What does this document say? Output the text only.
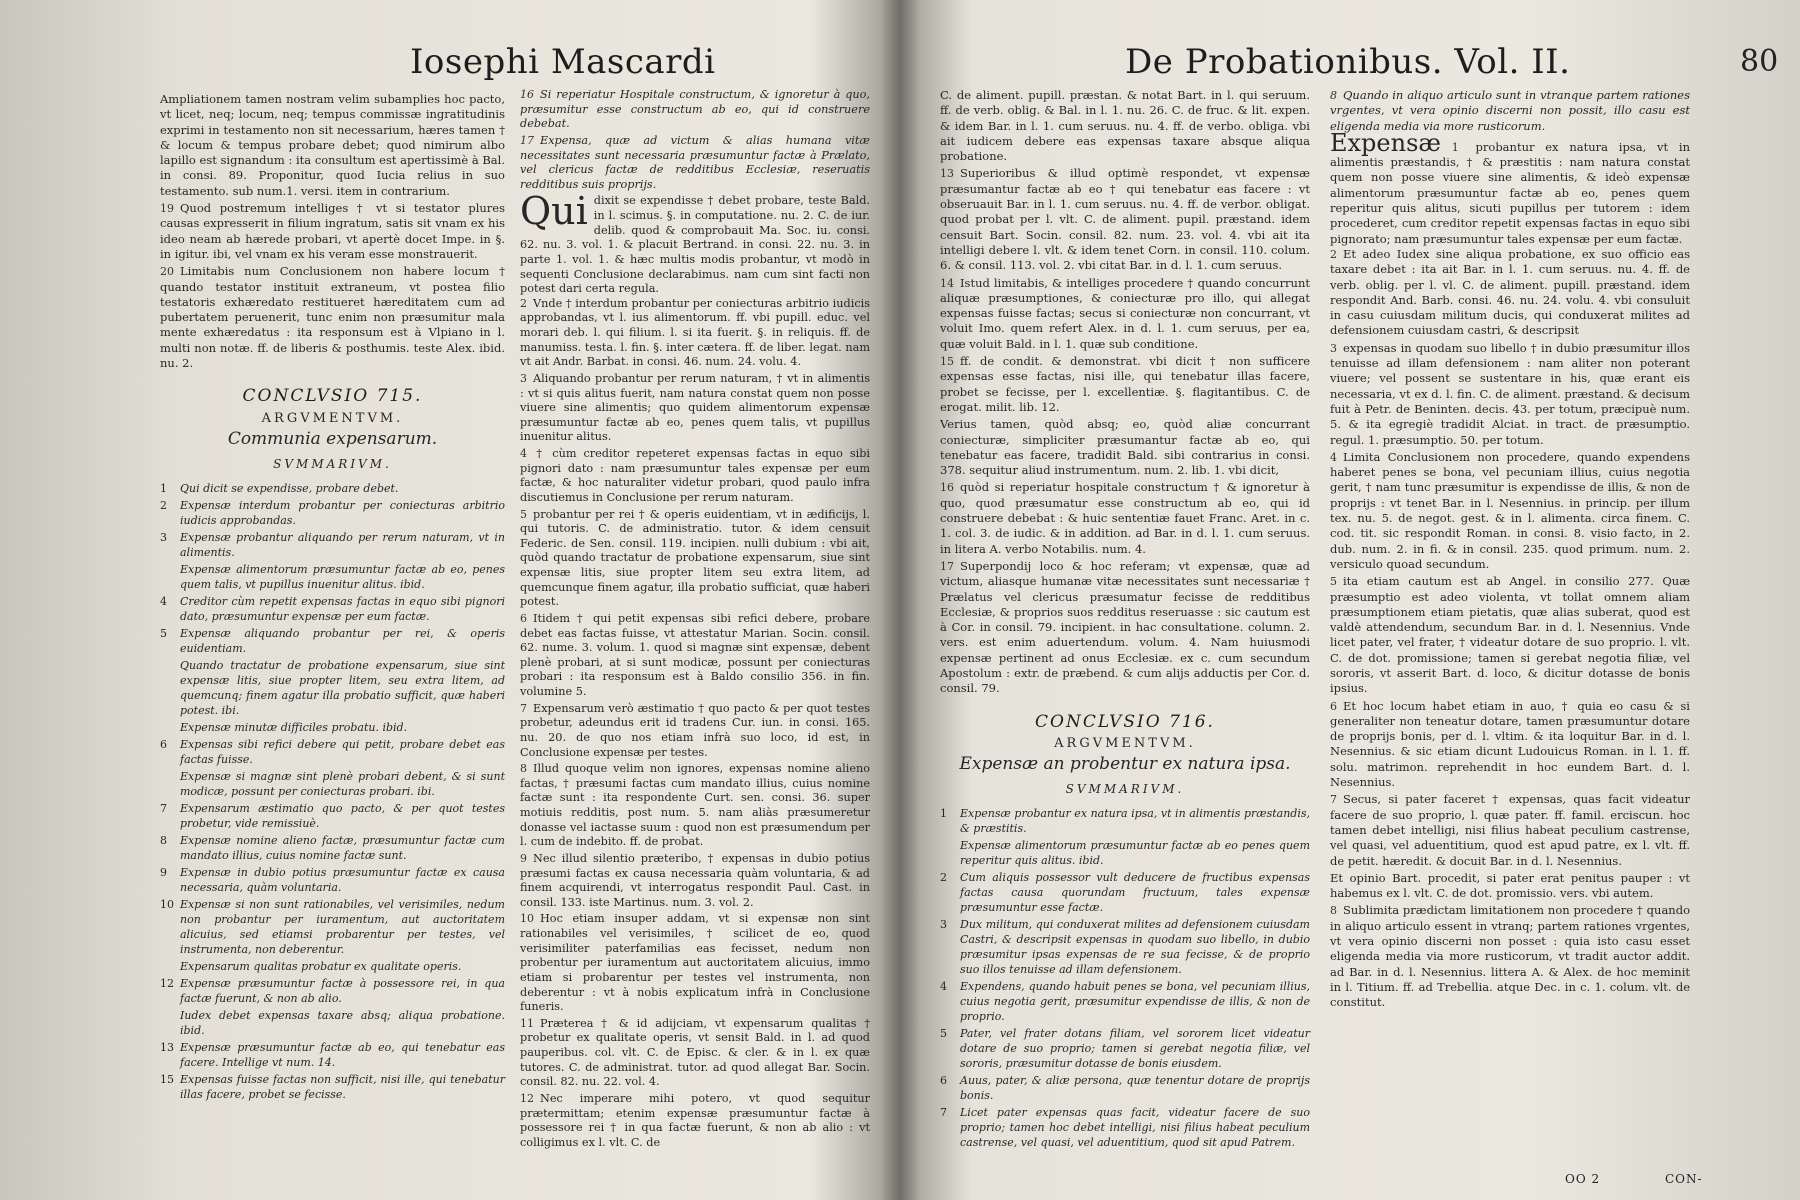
Iosephi Mascardi

Ampliationem tamen nostram velim subamplies hoc pacto, vt licet, neq; locum, neq; tempus commissæ ingratitudinis exprimi in testamento non sit necessarium, hæres tamen † & locum & tempus probare debet; quod nimirum albo lapillo est signandum : ita consultum est apertissimè à Bal. in consi. 89. Proponitur, quod Iucia relius in suo testamento. sub num.1. versi. item in contrarium.

19 Quod postremum intelliges † vt si testator plures causas expresserit in filium ingratum, satis sit vnam ex his ideo neam ab hærede probari, vt apertè docet Impe. in §. in igitur. ibi, vel vnam ex his veram esse monstrauerit.

20 Limitabis num Conclusionem non habere locum † quando testator instituit extraneum, vt postea filio testatoris exhæredato restitueret hæreditatem cum ad pubertatem peruenerit, tunc enim non præsumitur mala mente exhæredatus : ita responsum est à Vlpiano in l. multi non notæ. ff. de liberis & posthumis. teste Alex. ibid. nu. 2.

CONCLVSIO 715.
ARGVMENTVM.
Communia expensarum.
SVMMARIVM.

1 Qui dicit se expendisse, probare debet.

2 Expensæ interdum probantur per coniecturas arbitrio iudicis approbandas.

3 Expensæ probantur aliquando per rerum naturam, vt in alimentis.

Expensæ alimentorum præsumuntur factæ ab eo, penes quem talis, vt pupillus inuenitur alitus. ibid.

4 Creditor cùm repetit expensas factas in equo sibi pignori dato, præsumuntur expensæ per eum factæ.

5 Expensæ aliquando probantur per rei, & operis euidentiam.

Quando tractatur de probatione expensarum, siue sint expensæ litis, siue propter litem, seu extra litem, ad quemcunq; finem agatur illa probatio sufficit, quæ haberi potest. ibi.

Expensæ minutæ difficiles probatu. ibid.

6 Expensas sibi refici debere qui petit, probare debet eas factas fuisse.

Expensæ si magnæ sint plenè probari debent, & si sunt modicæ, possunt per coniecturas probari. ibi.

7 Expensarum æstimatio quo pacto, & per quot testes probetur, vide remissiuè.

8 Expensæ nomine alieno factæ, præsumuntur factæ cum mandato illius, cuius nomine factæ sunt.

9 Expensæ in dubio potius præsumuntur factæ ex causa necessaria, quàm voluntaria.

10 Expensæ si non sunt rationabiles, vel verisimiles, nedum non probantur per iuramentum, aut auctoritatem alicuius, sed etiamsi probarentur per testes, vel instrumenta, non deberentur.

Expensarum qualitas probatur ex qualitate operis.

12 Expensæ præsumuntur factæ à possessore rei, in qua factæ fuerunt, & non ab alio.

Iudex debet expensas taxare absq; aliqua probatione. ibid.

13 Expensæ præsumuntur factæ ab eo, qui tenebatur eas facere. Intellige vt num. 14.

15 Expensas fuisse factas non sufficit, nisi ille, qui tenebatur illas facere, probet se fecisse.

16 Si reperiatur Hospitale constructum, & ignoretur à quo, præsumitur esse constructum ab eo, qui id construere debebat.

17 Expensa, quæ ad victum & alias humana vitæ necessitates sunt necessaria præsumuntur factæ à Prælato, vel clericus factæ de redditibus Ecclesiæ, reseruatis redditibus suis proprijs.

Qui dixit se expendisse † debet probare, teste Bald. in l. scimus. §. in computatione. nu. 2. C. de iur. delib. quod & comprobauit Ma. Soc. iu. consi. 62. nu. 3. vol. 1. & placuit Bertrand. in consi. 22. nu. 3. in parte 1. vol. 1. & hæc multis modis probantur, vt modò in sequenti Conclusione declarabimus. nam cum sint facti non potest dari certa regula.

2 Vnde † interdum probantur per coniecturas arbitrio iudicis approbandas, vt l. ius alimentorum. ff. vbi pupill. educ. vel morari deb. l. qui filium. l. si ita fuerit. §. in reliquis. ff. de manumiss. testa. l. fin. §. inter cætera. ff. de liber. legat. nam vt ait Andr. Barbat. in consi. 46. num. 24. volu. 4.

3 Aliquando probantur per rerum naturam, † vt in alimentis : vt si quis alitus fuerit, nam natura constat quem non posse viuere sine alimentis; quo quidem alimentorum expensæ præsumuntur factæ ab eo, penes quem talis, vt pupillus inuenitur alitus.

4 † cùm creditor repeteret expensas factas in equo sibi pignori dato : nam præsumuntur tales expensæ per eum factæ, & hoc naturaliter videtur probari, quod paulo infra discutiemus in Conclusione per rerum naturam.

5 probantur per rei † & operis euidentiam, vt in ædificijs, l. qui tutoris. C. de administratio. tutor. & idem censuit Federic. de Sen. consil. 119. incipien. nulli dubium : vbi ait, quòd quando tractatur de probatione expensarum, siue sint expensæ litis, siue propter litem seu extra litem, ad quemcunque finem agatur, illa probatio sufficiat, quæ haberi potest.

6 Itidem † qui petit expensas sibi refici debere, probare debet eas factas fuisse, vt attestatur Marian. Socin. consil. 62. nume. 3. volum. 1. quod si magnæ sint expensæ, debent plenè probari, at si sunt modicæ, possunt per coniecturas probari : ita responsum est à Baldo consilio 356. in fin. volumine 5.

7 Expensarum verò æstimatio † quo pacto & per quot testes probetur, adeundus erit id tradens Cur. iun. in consi. 165. nu. 20. de quo nos etiam infrà suo loco, id est, in Conclusione expensæ per testes.

8 Illud quoque velim non ignores, expensas nomine alieno factas, † præsumi factas cum mandato illius, cuius nomine factæ sunt : ita respondente Curt. sen. consi. 36. super motiuis redditis, post num. 5. nam aliàs præsumeretur donasse vel iactasse suum : quod non est præsumendum per l. cum de indebito. ff. de probat.

9 Nec illud silentio præteribo, † expensas in dubio potius præsumi factas ex causa necessaria quàm voluntaria, & ad finem acquirendi, vt interrogatus respondit Paul. Cast. in consil. 133. iste Martinus. num. 3. vol. 2.

10 Hoc etiam insuper addam, vt si expensæ non sint rationabiles vel verisimiles, † scilicet de eo, quod verisimiliter paterfamilias eas fecisset, nedum non probentur per iuramentum aut auctoritatem alicuius, immo etiam si probarentur per testes vel instrumenta, non deberentur : vt à nobis explicatum infrà in Conclusione funeris.

11 Præterea † & id adijciam, vt expensarum qualitas † probetur ex qualitate operis, vt sensit Bald. in l. ad quod pauperibus. col. vlt. C. de Episc. & cler. & in l. ex quæ tutores. C. de administrat. tutor. ad quod allegat Bar. Socin. consil. 82. nu. 22. vol. 4.

12 Nec imperare mihi potero, vt quod sequitur prætermittam; etenim expensæ præsumuntur factæ à possessore rei † in qua factæ fuerunt, & non ab alio : vt colligimus ex l. vlt. C. de

De Probationibus. Vol. II.	80

C. de aliment. pupill. præstan. & notat Bart. in l. qui seruum. ff. de verb. oblig. & Bal. in l. 1. nu. 26. C. de fruc. & lit. expen. & idem Bar. in l. 1. cum seruus. nu. 4. ff. de verbo. obliga. vbi ait iudicem debere eas expensas taxare absque aliqua probatione.

13 Superioribus & illud optimè respondet, vt expensæ præsumantur factæ ab eo † qui tenebatur eas facere : vt obseruauit Bar. in l. 1. cum seruus. nu. 4. ff. de verbor. obligat. quod probat per l. vlt. C. de aliment. pupil. præstand. idem censuit Bart. Socin. consil. 82. num. 23. vol. 4. vbi ait ita intelligi debere l. vlt. & idem tenet Corn. in consil. 110. colum. 6. & consil. 113. vol. 2. vbi citat Bar. in d. l. 1. cum seruus.

14 Istud limitabis, & intelliges procedere † quando concurrunt aliquæ præsumptiones, & coniecturæ pro illo, qui allegat expensas fuisse factas; secus si coniecturæ non concurrant, vt voluit Imo. quem refert Alex. in d. l. 1. cum seruus, per ea, quæ voluit Bald. in l. 1. quæ sub conditione.

15 ff. de condit. & demonstrat. vbi dicit † non sufficere expensas esse factas, nisi ille, qui tenebatur illas facere, probet se fecisse, per l. excellentiæ. §. flagitantibus. C. de erogat. milit. lib. 12.

Verius tamen, quòd absq; eo, quòd aliæ concurrant coniecturæ, simpliciter præsumantur factæ ab eo, qui tenebatur eas facere, tradidit Bald. sibi contrarius in consi. 378. sequitur aliud instrumentum. num. 2. lib. 1. vbi dicit,

16 quòd si reperiatur hospitale constructum † & ignoretur à quo, quod præsumatur esse constructum ab eo, qui id construere debebat : & huic sententiæ fauet Franc. Aret. in c. 1. col. 3. de iudic. & in addition. ad Bar. in d. l. 1. cum seruus. in litera A. verbo Notabilis. num. 4.

17 Superpondij loco & hoc referam; vt expensæ, quæ ad victum, aliasque humanæ vitæ necessitates sunt necessariæ † Prælatus vel clericus præsumatur fecisse de redditibus Ecclesiæ, & proprios suos redditus reseruasse : sic cautum est à Cor. in consil. 79. incipient. in hac consultatione. column. 2. vers. est enim aduertendum. volum. 4. Nam huiusmodi expensæ pertinent ad onus Ecclesiæ. ex c. cum secundum Apostolum : extr. de præbend. & cum alijs adductis per Cor. d. consil. 79.

CONCLVSIO 716.
ARGVMENTVM.
Expensæ an probentur ex natura ipsa.
SVMMARIVM.

1 Expensæ probantur ex natura ipsa, vt in alimentis præstandis, & præstitis.

Expensæ alimentorum præsumuntur factæ ab eo penes quem reperitur quis alitus. ibid.

2 Cum aliquis possessor vult deducere de fructibus expensas factas causa quorundam fructuum, tales expensæ præsumuntur esse factæ.

3 Dux militum, qui conduxerat milites ad defensionem cuiusdam Castri, & descripsit expensas in quodam suo libello, in dubio præsumitur ipsas expensas de re sua fecisse, & de proprio suo illos tenuisse ad illam defensionem.

4 Expendens, quando habuit penes se bona, vel pecuniam illius, cuius negotia gerit, præsumitur expendisse de illis, & non de proprio.

5 Pater, vel frater dotans filiam, vel sororem licet videatur dotare de suo proprio; tamen si gerebat negotia filiæ, vel sororis, præsumitur dotasse de bonis eiusdem.

6 Auus, pater, & aliæ persona, quæ tenentur dotare de proprijs bonis.

7 Licet pater expensas quas facit, videatur facere de suo proprio; tamen hoc debet intelligi, nisi filius habeat peculium castrense, vel quasi, vel aduentitium, quod sit apud Patrem.

8 Quando in aliquo articulo sunt in vtranque partem rationes vrgentes, vt vera opinio discerni non possit, illo casu est eligenda media via more rusticorum.

Expensæ 1 probantur ex natura ipsa, vt in alimentis præstandis, † & præstitis : nam natura constat quem non posse viuere sine alimentis, & ideò expensæ alimentorum præsumuntur factæ ab eo, penes quem reperitur quis alitus, sicuti pupillus per tutorem : idem procederet, cum creditor repetit expensas factas in equo sibi pignorato; nam præsumuntur tales expensæ per eum factæ.

2 Et adeo Iudex sine aliqua probatione, ex suo officio eas taxare debet : ita ait Bar. in l. 1. cum seruus. nu. 4. ff. de verb. oblig. per l. vl. C. de aliment. pupill. præstand. idem respondit And. Barb. consi. 46. nu. 24. volu. 4. vbi consuluit in casu cuiusdam militum ducis, qui conduxerat milites ad defensionem cuiusdam castri, & descripsit

3 expensas in quodam suo libello † in dubio præsumitur illos tenuisse ad illam defensionem : nam aliter non poterant viuere; vel possent se sustentare in his, quæ erant eis necessaria, vt ex d. l. fin. C. de aliment. præstand. & decisum fuit à Petr. de Beninten. decis. 43. per totum, præcipuè num. 5. & ita egregiè tradidit Alciat. in tract. de præsumptio. regul. 1. præsumptio. 50. per totum.

4 Limita Conclusionem non procedere, quando expendens haberet penes se bona, vel pecuniam illius, cuius negotia gerit, † nam tunc præsumitur is expendisse de illis, & non de proprijs : vt tenet Bar. in l. Nesennius. in princip. per illum tex. nu. 5. de negot. gest. & in l. alimenta. circa finem. C. cod. tit. sic respondit Roman. in consi. 8. visio facto, in 2. dub. num. 2. in fi. & in consil. 235. quod primum. num. 2. versiculo quoad secundum.

5 ita etiam cautum est ab Angel. in consilio 277. Quæ præsumptio est adeo violenta, vt tollat omnem aliam præsumptionem etiam pietatis, quæ alias suberat, quod est valdè attendendum, secundum Bar. in d. l. Nesennius. Vnde licet pater, vel frater, † videatur dotare de suo proprio. l. vlt. C. de dot. promissione; tamen si gerebat negotia filiæ, vel sororis, vt asserit Bart. d. loco, & dicitur dotasse de bonis ipsius.

6 Et hoc locum habet etiam in auo, † quia eo casu & si generaliter non teneatur dotare, tamen præsumuntur dotare de proprijs bonis, per d. l. vltim. & ita loquitur Bar. in d. l. Nesennius. & sic etiam dicunt Ludouicus Roman. in l. 1. ff. solu. matrimon. reprehendit in hoc eundem Bart. d. l. Nesennius.

7 Secus, si pater faceret † expensas, quas facit videatur facere de suo proprio, l. quæ pater. ff. famil. erciscun. hoc tamen debet intelligi, nisi filius habeat peculium castrense, vel quasi, vel aduentitium, quod est apud patre, ex l. vlt. ff. de petit. hæredit. & docuit Bar. in d. l. Nesennius.

Et opinio Bart. procedit, si pater erat penitus pauper : vt habemus ex l. vlt. C. de dot. promissio. vers. vbi autem.

8 Sublimita prædictam limitationem non procedere † quando in aliquo articulo essent in vtranq; partem rationes vrgentes, vt vera opinio discerni non posset : quia isto casu esset eligenda media via more rusticorum, vt tradit auctor addit. ad Bar. in d. l. Nesennius. littera A. & Alex. de hoc meminit in l. Titium. ff. ad Trebellia. atque Dec. in c. 1. colum. vlt. de constitut.

OO 2	CON-
